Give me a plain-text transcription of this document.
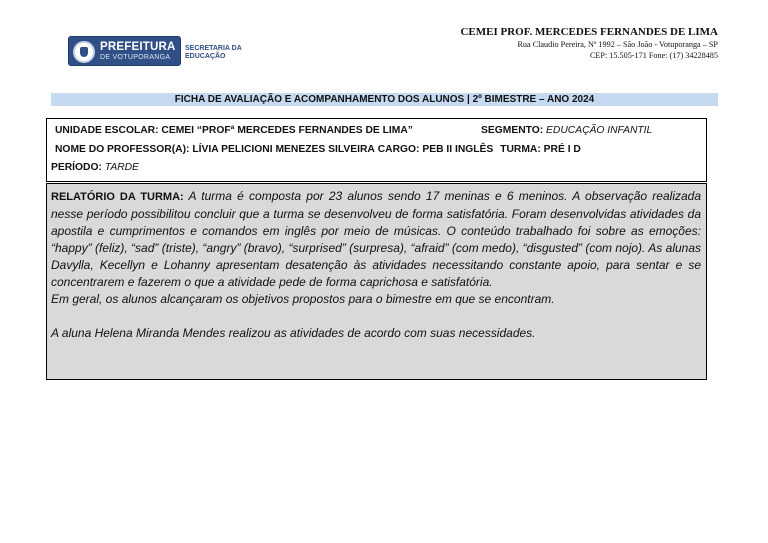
PREFEITURA
DE VOTUPORANGA
SECRETARIA DA
EDUCAÇÃO
CEMEI PROF. MERCEDES FERNANDES DE LIMA
Rua Claudio Pereira, Nº 1992 – São João - Votuporanga – SP
CEP: 15.505-171 Fone: (17) 34228485
FICHA DE AVALIAÇÃO E ACOMPANHAMENTO DOS ALUNOS | 2º BIMESTRE – ANO 2024
UNIDADE ESCOLAR: CEMEI “PROFª MERCEDES FERNANDES DE LIMA”	SEGMENTO: EDUCAÇÃO INFANTIL
NOME DO PROFESSOR(A): LÍVIA PELICIONI MENEZES SILVEIRA CARGO: PEB II INGLÊS TURMA: PRÉ I D
PERÍODO: TARDE

RELATÓRIO DA TURMA: A turma é composta por 23 alunos sendo 17 meninas e 6 meninos. A observação realizada nesse período possibilitou concluir que a turma se desenvolveu de forma satisfatória. Foram desenvolvidas atividades da apostila e cumprimentos e comandos em inglês por meio de músicas. O conteúdo trabalhado foi sobre as emoções: “happy” (feliz), “sad” (triste), “angry” (bravo), “surprised” (surpresa), “afraid” (com medo), “disgusted” (com nojo). As alunas Davylla, Kecellyn e Lohanny apresentam desatenção às atividades necessitando constante apoio, para sentar e se concentrarem e fazerem o que a atividade pede de forma caprichosa e satisfatória.

Em geral, os alunos alcançaram os objetivos propostos para o bimestre em que se encontram.

A aluna Helena Miranda Mendes realizou as atividades de acordo com suas necessidades.
